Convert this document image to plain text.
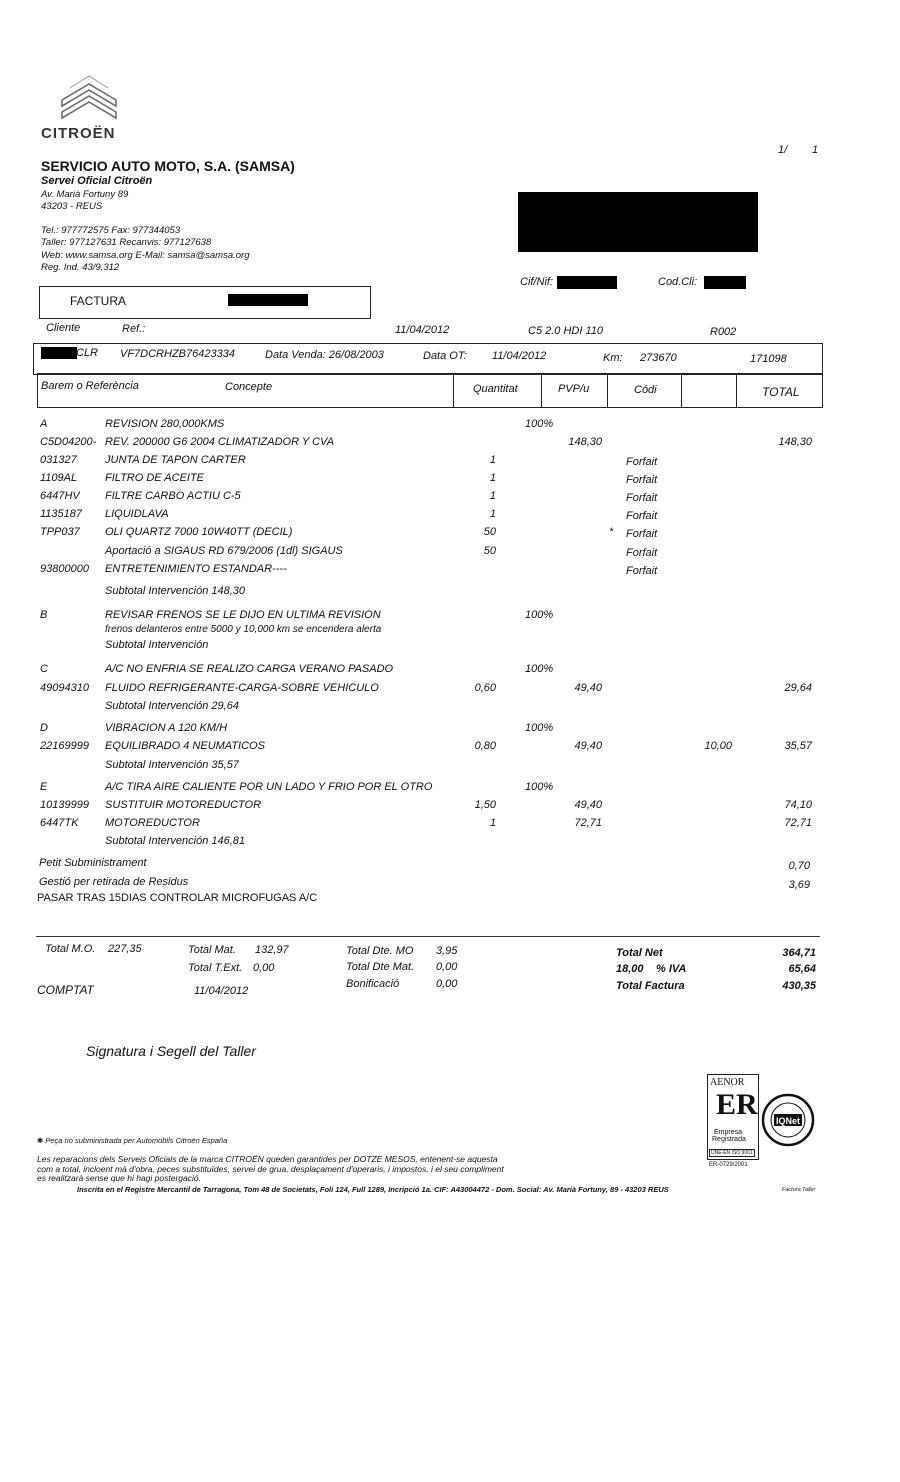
CITROËN
1/ 1
SERVICIO AUTO MOTO, S.A. (SAMSA)
Servei Oficial Citroën
Av. Marià Fortuny 89
43203 - REUS
Tel.: 977772575 Fax: 977344053
Taller: 977127631 Recanvis: 977127638
Web: www.samsa.org E-Mail: samsa@samsa.org
Reg. Ind. 43/9.312
Cif/Nif:	Cod.Cli:
FACTURA
Cliente	Ref.:	11/04/2012	C5 2.0 HDI 110	R002
CLR VF7DCRHZB76423334	Data Venda: 26/08/2003	Data OT: 11/04/2012	Km: 273670	171098
Barem o Referència	Concepte	Quantitat	PVP/u	Códi	TOTAL
A	REVISION 280,000KMS	100%
C5D04200- REV. 200000 G6 2004 CLIMATIZADOR Y CVA	148,30	148,30
031327	JUNTA DE TAPON CARTER	1	Forfait
1109AL	FILTRO DE ACEITE	1	Forfait
6447HV FILTRE CARBO ACTIU C-5	1	Forfait
1135187 LIQUIDLAVA	1	Forfait
TPP037 OLI QUARTZ 7000 10W40TT (DECIL)	50	* Forfait
Aportació a SIGAUS RD 679/2006 (1dl) SIGAUS	50	Forfait
93800000 ENTRETENIMIENTO ESTANDAR----	Forfait
Subtotal Intervención 148,30
B	REVISAR FRENOS SE LE DIJO EN ULTIMA REVISION	100%
frenos delanteros entre 5000 y 10,000 km se encendera alerta
Subtotal Intervención
C	A/C NO ENFRIA SE REALIZO CARGA VERANO PASADO	100%
49094310 FLUIDO REFRIGERANTE-CARGA-SOBRE VEHICULO	0,60	49,40	29,64
Subtotal Intervención 29,64
D	VIBRACION A 120 KM/H	100%
22169999 EQUILIBRADO 4 NEUMATICOS	0,80	49,40	10,00	35,57
Subtotal Intervención 35,57
E	A/C TIRA AIRE CALIENTE POR UN LADO Y FRIO POR EL OTRO	100%
10139999 SUSTITUIR MOTOREDUCTOR	1,50	49,40	74,10
6447TK MOTOREDUCTOR	1	72,71	72,71
Subtotal Intervención 146,81
Petit Subministrament	0,70
Gestió per retirada de Residus	3,69
PASAR TRAS 15DIAS CONTROLAR MICROFUGAS A/C
Total M.O. 227,35	Total Mat. 132,97
Total T.Ext. 0,00
Total Dte. MO 3,95
Total Dte Mat. 0,00
Bonificació	0,00
Total Net	364,71
18,00 % IVA	65,64
Total Factura	430,35
COMPTAT	11/04/2012
Signatura i Segell del Taller
AENOR
ER
Empresa
Registrada
UNE-EN ISO 9001
ER-0729/2001
IQNet
✱ Peça no subministrada per Automobils Citroën España
Les reparacions dels Serveis Oficials de la marca CITROËN queden garantides per DOTZE MESOS, entenent-se aquesta
com a total, incloent mà d'obra, peces substituïdes, servei de grua, desplaçament d'operaris, i impostos, i el seu compliment
es realitzarà sense que hi hagi postergació.
Inscrita en el Registre Mercantil de Tarragona, Tom 48 de Societats, Foli 124, Full 1289, Incripció 1a. CIF: A43004472 - Dom. Social: Av. Marià Fortuny, 89 - 43203 REUS	Factura Taller
